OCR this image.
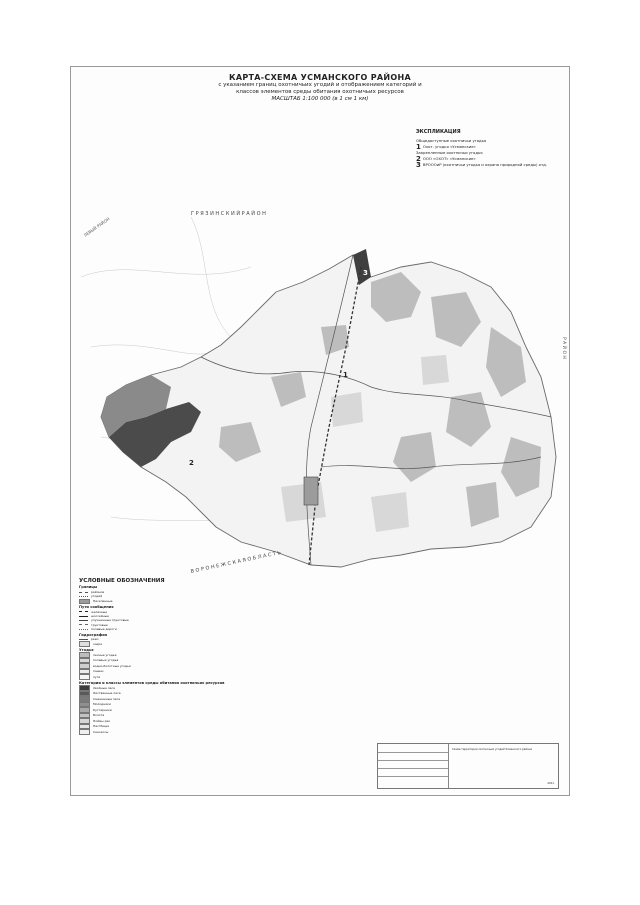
КАРТА-СХЕМА УСМАНСКОГО РАЙОНА
с указанием границ охотничьих угодий и отображением категорий и
классов элементов среды обитания охотничьих ресурсов
МАСШТАБ 1:100 000 (в 1 см 1 км)
ЭКСПЛИКАЦИЯ
Общедоступные охотничьи угодья
1 Охот. угодья «Усманские»
Закрепленные охотничьи угодья
2 ООО «ОХОТ» «Усманские»
3 ВРОООиР (охотничьи угодья и охрана природной среды) отд.
Г Р Я З И Н С К И Й Р А Й О Н
В О Р О Н Е Ж С К А Я О Б Л А С Т Ь
ЛЕВЫЙ РАЙОН
Р А Й О Н
1
2
3
УСЛОВНЫЕ ОБОЗНАЧЕНИЯ
Границы
районов
угодий
Населенные
Пути сообщения
железные
шоссейные
улучшенные грунтовые
грунтовые
полевые дороги
Гидрография
реки
озера
Угодья
лесные угодья
полевые угодья
водно-болотные угодья
пашни
луга
Категории и классы элементов среды обитания охотничьих ресурсов
Хвойные леса
Лиственные леса
Смешанные леса
Молодняки
Кустарники
Болота
Поймы рек
Пастбища
Сенокосы
Схема территории охотничьих угодий Усманского района
2011
